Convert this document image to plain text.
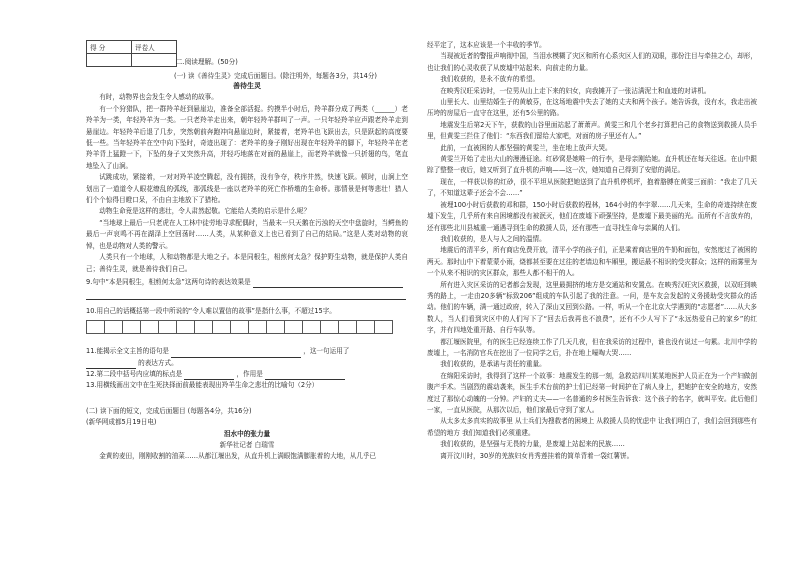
得 分	评卷人

二.阅读理解。(50分)
(一) 读《善待生灵》完成后面题目。(除注明外，每题各3分，共14分)

善待生灵

有时，动物界也会发生令人感动的故事。

有一个狩猎队，把一群羚羊赶到悬崖边，准备全部活捉。约摸半小时后，羚羊群分成了两类（______）老羚羊为一类，年轻羚羊为一类。一只老羚羊走出来，朝年轻羚羊群叫了一声。一只年轻羚羊应声跟老羚羊走到悬崖边。年轻羚羊后退了几步，突然朝前奔跑冲向悬崖边时，紧接着，老羚羊也飞跃出去，只是跃起的高度要低一些。当年轻羚羊在空中向下坠时，奇迹出现了：老羚羊的身子刚好出现在年轻羚羊的脚下，年轻羚羊在老羚羊背上猛蹬一下，下坠的身子又突然升高，并轻巧地落在对面的悬崖上，而老羚羊就像一只折翅的鸟，笔直地坠入了山涧。

试跳成功，紧接着，一对对羚羊凌空腾起，没有拥挤，没有争夺，秩序井然，快速飞跃。顿时，山涧上空划出了一道道令人眼花缭乱的弧线，那弧线是一座以老羚羊的死亡作桥墩的生命桥。那情景是何等悲壮！猎人们个个惊得目瞪口呆，不由自主地放下了猎枪。

动物生命竟是这样的悲壮，令人肃然起敬。它能给人类的启示是什么呢？

“当地球上最后一只老虎在人工林中徒劳地寻求配偶时，当最末一只天鹅在污浊的天空中盘旋时，当鳄鱼的最后一声哀鸣不再在湖泽上空回荡时……人类，从某种意义上也已看到了自己的结局。”这是人类对动物的哀悼，也是动物对人类的警示。

人类只有一个地球，人和动物都是大地之子。本是同根生，相煎何太急？保护野生动物，就是保护人类自己；善待生灵，就是善待我们自己。

9.句中“本是同根生，相煎何太急”这两句诗的表达效果是

10.用自己的话概括第一段中所说的“令人难以置信的故事”是指什么事，不超过15字。

11.能揭示全文主旨的语句是	，这一句运用了

的表达方式。

12.第二段中括号内应填的标点是	，作用是

13.用横线画出文中在生死抉择面前最能表现出羚羊生命之悲壮的比喻句（2分）

(二) 读下面的短文，完成后面题目 (每题各4分，共16分)

(新华网成都5月19日电)

泪水中的张力量

新华社记者 白瑞雪

金黄的麦田，刚刚收割的油菜……从都江堰出发，从直升机上满眼饱满膨胀着的大地，从几乎已

经平定了，这本应该是一个丰收的季节。

当现被近者的警报声响彻中国，当泪水模糊了灾区和所有心系灾区人们的双眼，那份注目与牵挂之心，却形，也让我们的心灵收获了从废墟中站起来、向前走的力量。

我们收获的，是永不放弃的希望。

在映秀汉旺采访时，一位男从山上走下来的妇女，向我摊开了一张沾满泥土和血迹的对讲机。

山里长大、山里结婚生子的黄敏芬，在这场地震中失去了她的丈夫和两个孩子。她告诉我，没有水，我走出被压垮的房屋后一直守在这里，还有5公里的路。

地震发生后第2天下午，获救的山谷里面站起了萧萧声。黄雯三和几个老乡打算把自己的食物送到救援人员手里，但黄雯三拦住了他们：“东西我们留给大家吧，对面的房子里还有人。”

此前，一直被困的人都坚强的黄雯兰，坐在地上放声大哭。

黄雯兰开始了走出大山的漫漫征途。红砂窝是她唯一的行李，是母亲刚给她。直升机还在每天往返。在山中跟踪了整整一夜后，她又听到了直升机的声响——这一次，她知道自己得到了安慰的满足。

现在，一样获以你的红砂，很不平坦从医院把她送到了直升机停机坪，抱着胳膊在黄雯三面前：“我走了几天了，不知道这辈子还会不会……”

被埋100小时后获救的邓和群，150小时后获救的程林，164小时的李宇翠……几天来，生命的奇迹持续在废墟下发生，几乎所有来自困境都没有被泯灭，他们在废墟下顽强坚持，是废墟下最美丽的光。而所有不言放弃的，还有那些北川县城重一通遇寻到生命的救援人员，还有那些一直寻找生命与亲属的人们。

我们收获的，是人与人之间的温情。

地震后的清平乡，所有商店免费开放，清平小学的孩子们，正是乘着商店里的牛奶和面包，安然度过了被困的两天。那时山中下着蒙蒙小雨，烧都甚至要在过往的老墙边和车厢里，搬运最不相识的受灾群众；这样的雨雾里为一个从来不相识的灾区群众，那些人都不相干的人。

所有进入灾区采访的记者都会发现，这里最拥挤的地方是交通站和安置点。在映秀汉旺灾区救援，以双旺到映秀的路上，一走由20多辆“标致206”组成的车队引起了我的注意。一问，是车友会发起的义务援助受灾群众的活动。他们的车辆，满一通过政府，转入了深山又回到公路。一样，听从一个在北京大学遇到的“志愿者”……从大多数人，当人们看到灾区中的人们写下了“回去后我再也不浪费”，还有不少人写下了“永远热爱自己的家乡”的红字，并有四地处重开路、自行车队等。

都江堰医院里，有的医生已经连续工作了几天几夜，但在我采访的过程中，谁也没有说过一句累。北川中学的废墟上，一名消防官兵在挖出了一位同学之后，扑在地上嚎啕大哭……

我们收获的，是承诺与责任的重量。

在绵阳采访时，我得到了这样一个故事：地震发生的那一刻，急救站四川某某地医护人员正在为一个产妇做剖腹产手术。当剧烈的震动袭来，医生手术台前的护士们已经第一时间护在了病人身上，把她护在安全的地方，安然度过了那惊心动魄的一分钟。产妇的丈夫——一名普通的乡村医生告诉我：这个孩子的名字，就叫平安。此后他们一家，一直从医院，从那次以后，他们家最后守到了家人。

从太多太多真实的故事里 从士兵们为搜救者的困境上 从救援人员的忧虑中 让我们明白了，我们会回到那些有希望的地方 我们知道我们必须重建。

我们收获的，是坚强与无畏的力量，是废墟上站起来的民族……

离开汶川时，30岁的羌族妇女肖秀莲挂着的简单背着一袋红薯饼。
